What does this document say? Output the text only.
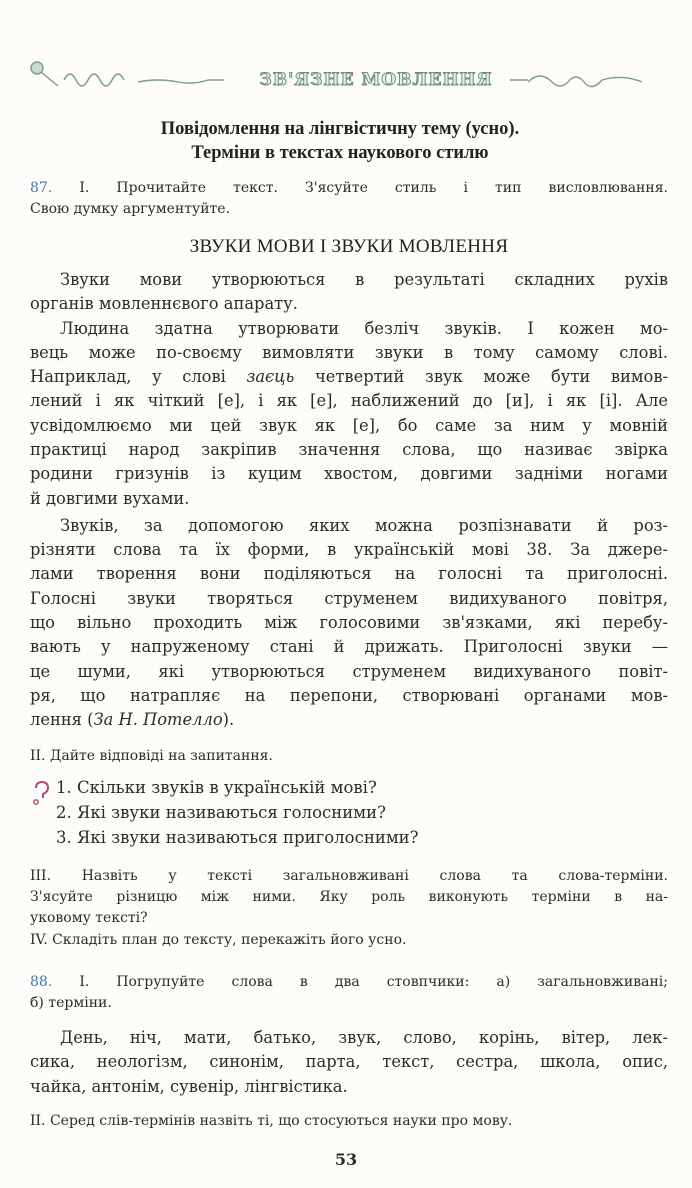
ЗВ'ЯЗНЕ МОВЛЕННЯ
Повідомлення на лінгвістичну тему (усно).
Терміни в текстах наукового стилю
87. І. Прочитайте текст. З'ясуйте стиль і тип висловлювання.
Свою думку аргументуйте.
ЗВУКИ МОВИ І ЗВУКИ МОВЛЕННЯ
Звуки мови утворюються в результаті складних рухів
органів мовленнєвого апарату.
Людина здатна утворювати безліч звуків. І кожен мо-
вець може по-своєму вимовляти звуки в тому самому слові.
Наприклад, у слові заєць четвертий звук може бути вимов-
лений і як чіткий [е], і як [е], наближений до [и], і як [і]. Але
усвідомлюємо ми цей звук як [е], бо саме за ним у мовній
практиці народ закріпив значення слова, що називає звірка
родини гризунів із куцим хвостом, довгими задніми ногами
й довгими вухами.
Звуків, за допомогою яких можна розпізнавати й роз-
різняти слова та їх форми, в українській мові 38. За джере-
лами творення вони поділяються на голосні та приголосні.
Голосні звуки творяться струменем видихуваного повітря,
що вільно проходить між голосовими зв'язками, які перебу-
вають у напруженому стані й дрижать. Приголосні звуки —
це шуми, які утворюються струменем видихуваного повіт-
ря, що натрапляє на перепони, створювані органами мов-
лення (За Н. Потелло).
ІІ. Дайте відповіді на запитання.
1. Скільки звуків в українській мові?
2. Які звуки називаються голосними?
3. Які звуки називаються приголосними?
ІІІ. Назвіть у тексті загальновживані слова та слова-терміни.
З'ясуйте різницю між ними. Яку роль виконують терміни в на-
уковому тексті?
IV. Складіть план до тексту, перекажіть його усно.
88. І. Погрупуйте слова в два стовпчики: а) загальновживані;
б) терміни.
День, ніч, мати, батько, звук, слово, корінь, вітер, лек-
сика, неологізм, синонім, парта, текст, сестра, школа, опис,
чайка, антонім, сувенір, лінгвістика.
ІІ. Серед слів-термінів назвіть ті, що стосуються науки про мову.
53
